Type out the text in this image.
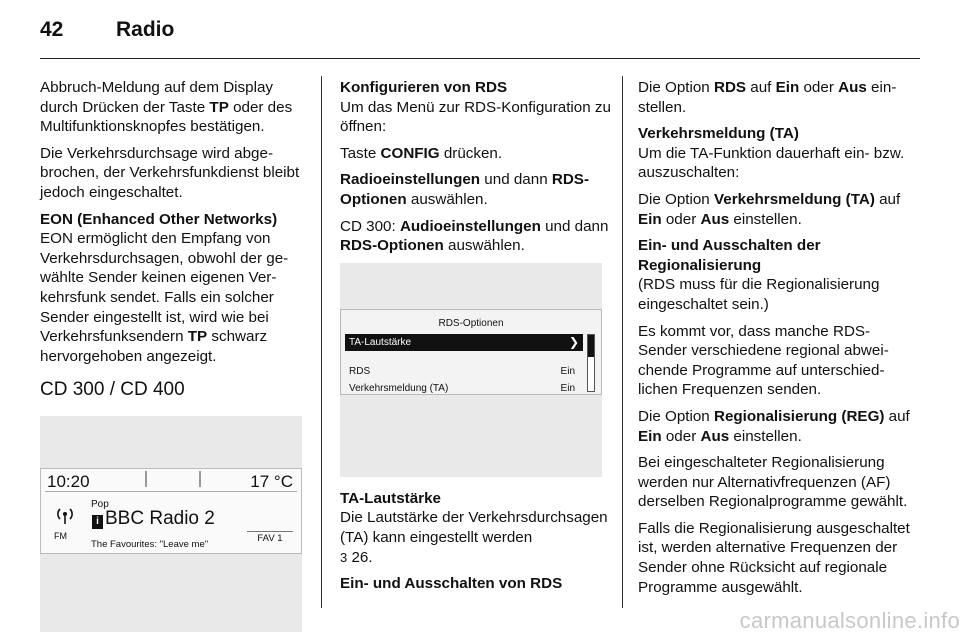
42	Radio

Abbruch-Meldung auf dem Display durch Drücken der Taste TP oder des Multifunktionsknopfes bestätigen.

Die Verkehrsdurchsage wird abgebrochen, der Verkehrsfunkdienst bleibt jedoch eingeschaltet.

EON (Enhanced Other Networks)

EON ermöglicht den Empfang von Verkehrsdurchsagen, obwohl der gewählte Sender keinen eigenen Verkehrsfunk sendet. Falls ein solcher Sender eingestellt ist, wird wie bei Verkehrsfunksendern TP schwarz hervorgehoben angezeigt.

CD 300 / CD 400
10:20	17 °C
FM
Pop
i BBC Radio 2
The Favourites: "Leave me"
FAV 1
Konfigurieren von RDS

Um das Menü zur RDS-Konfiguration zu öffnen:

Taste CONFIG drücken.

Radioeinstellungen und dann RDS-Optionen auswählen.

CD 300: Audioeinstellungen und dann RDS-Optionen auswählen.

RDS-Optionen
TA-Lautstärke	❯
RDS	Ein
Verkehrsmeldung (TA)	Ein
TA-Lautstärke

Die Lautstärke der Verkehrsdurchsagen (TA) kann eingestellt werden
3 26.

Ein- und Ausschalten von RDS

Die Option RDS auf Ein oder Aus einstellen.

Verkehrsmeldung (TA)

Um die TA-Funktion dauerhaft ein- bzw. auszuschalten:

Die Option Verkehrsmeldung (TA) auf Ein oder Aus einstellen.

Ein- und Ausschalten der Regionalisierung

(RDS muss für die Regionalisierung eingeschaltet sein.)

Es kommt vor, dass manche RDS-Sender verschiedene regional abweichende Programme auf unterschiedlichen Frequenzen senden.

Die Option Regionalisierung (REG) auf Ein oder Aus einstellen.

Bei eingeschalteter Regionalisierung werden nur Alternativfrequenzen (AF) derselben Regionalprogramme gewählt.

Falls die Regionalisierung ausgeschaltet ist, werden alternative Frequenzen der Sender ohne Rücksicht auf regionale Programme ausgewählt.

carmanualsonline.info
